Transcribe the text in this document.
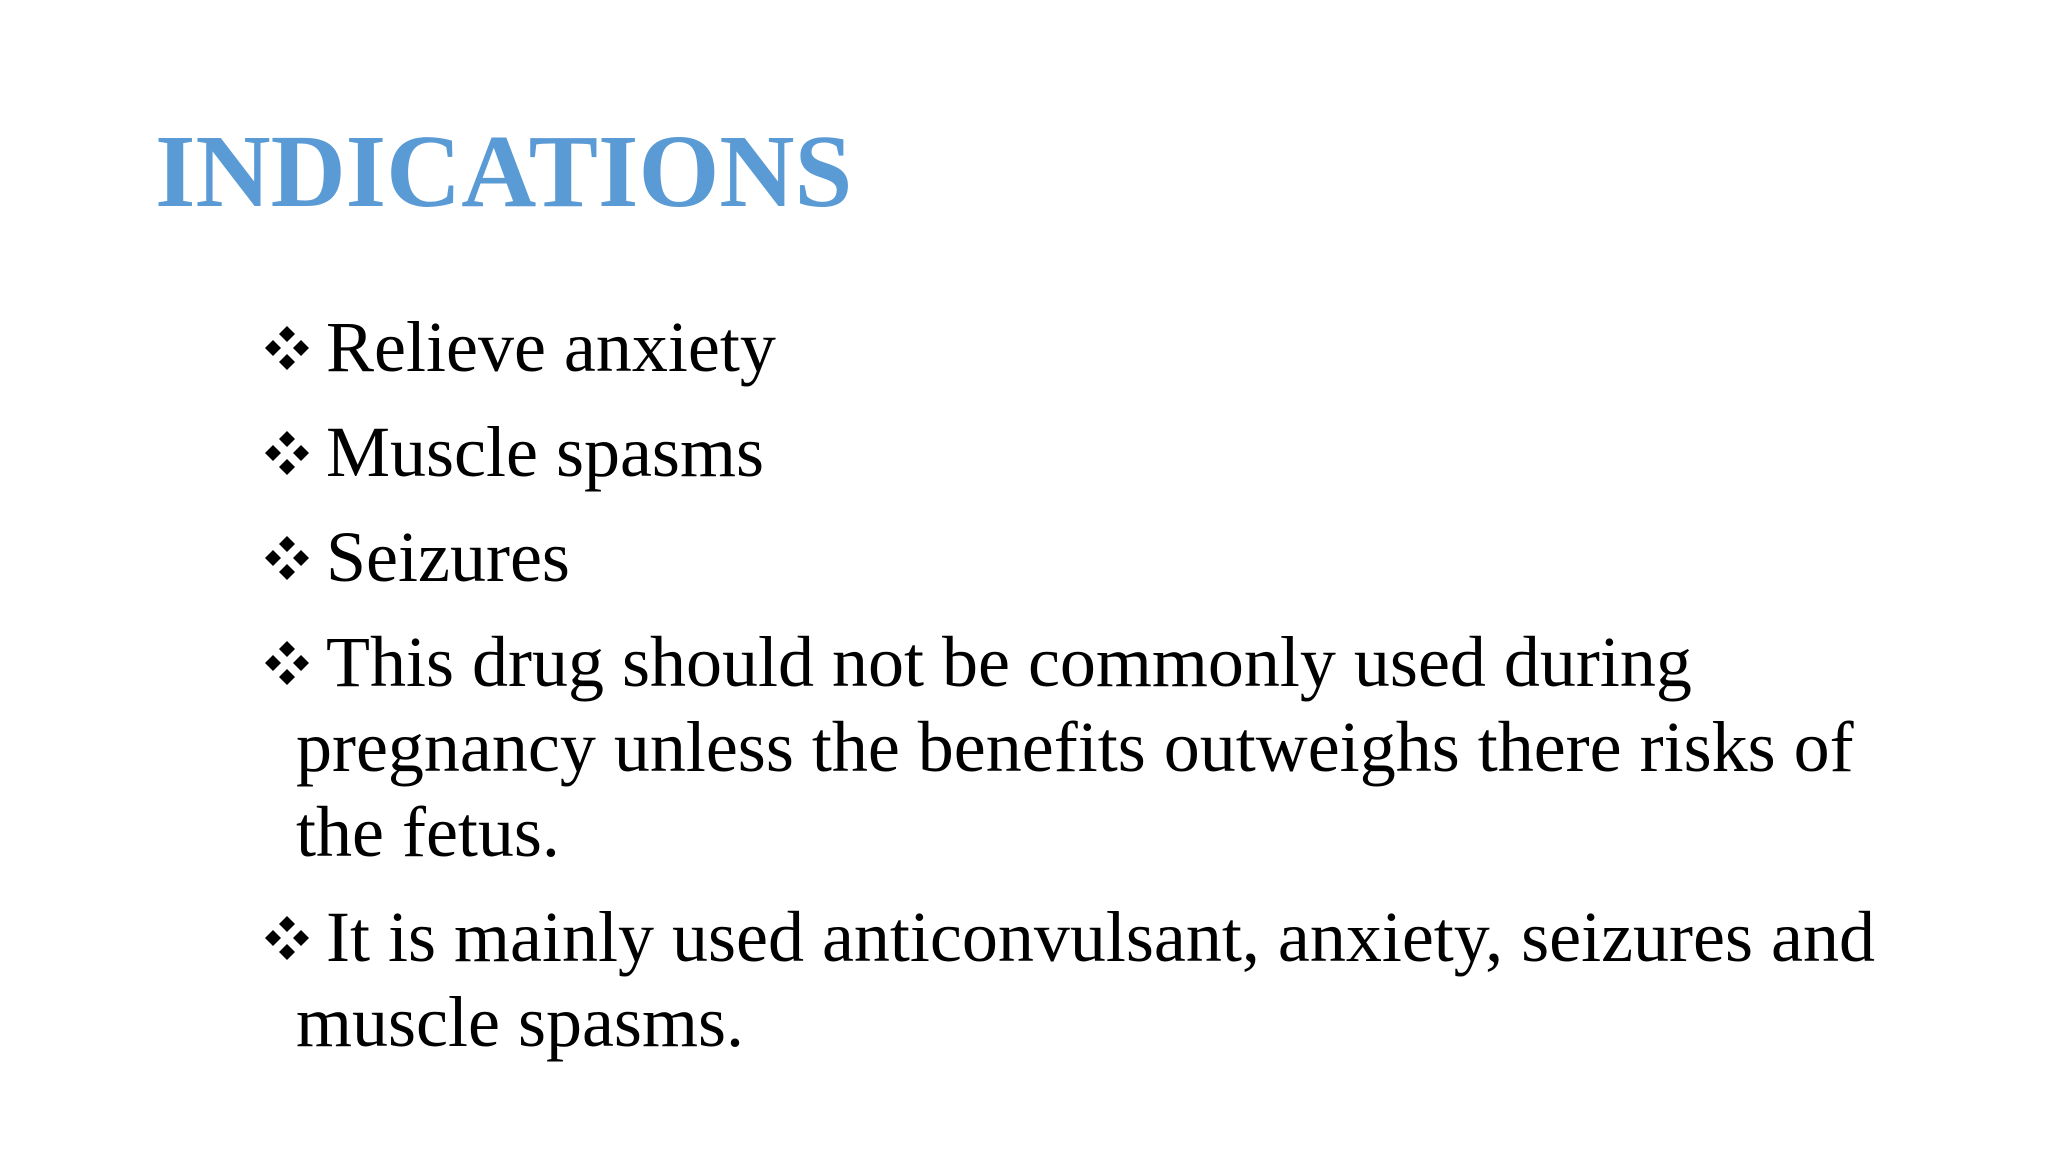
INDICATIONS
Relieve anxiety
Muscle spasms
Seizures
This drug should not be commonly used during pregnancy unless the benefits outweighs there risks of the fetus.
It is mainly used anticonvulsant, anxiety, seizures and muscle spasms.
